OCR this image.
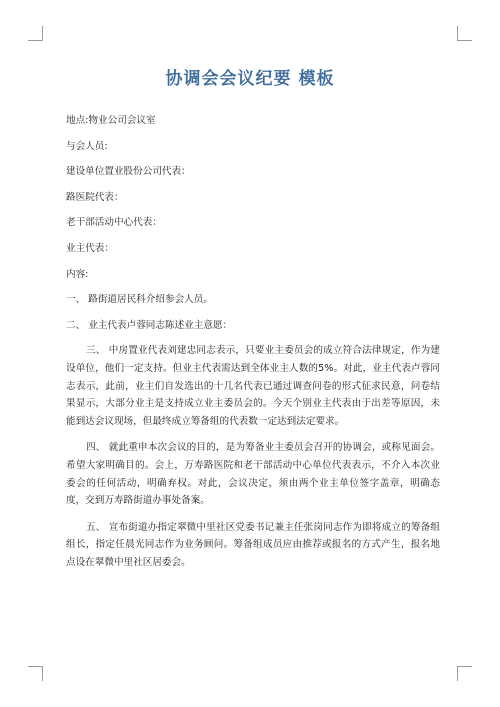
协调会会议纪要 模板

地点:物业公司会议室

与会人员:

建设单位置业股份公司代表：

路医院代表：

老干部活动中心代表：

业主代表：

内容:

一、 路街道居民科介绍参会人员。

二、 业主代表卢蓉同志陈述业主意愿：

三、 中房置业代表刘建忠同志表示，只要业主委员会的成立符合法律规定，作为建设单位，他们一定支持。但业主代表需达到全体业主人数的5%。对此，业主代表卢蓉同志表示，此前，业主们自发选出的十几名代表已通过调查问卷的形式征求民意，问卷结果显示，大部分业主是支持成立业主委员会的。今天个别业主代表由于出差等原因，未能到达会议现场，但最终成立筹备组的代表数一定达到法定要求。

四、 就此重申本次会议的目的，是为筹备业主委员会召开的协调会，或称见面会。希望大家明确目的。会上，万寿路医院和老干部活动中心单位代表表示，不介入本次业委会的任何活动，明确弃权。对此，会议决定，须由两个业主单位签字盖章，明确态度，交到万寿路街道办事处备案。

五、 宣布街道办指定翠微中里社区党委书记兼主任张岗同志作为即将成立的筹备组组长，指定任晨光同志作为业务顾问。筹备组成员应由推荐或报名的方式产生，报名地点设在翠微中里社区居委会。
